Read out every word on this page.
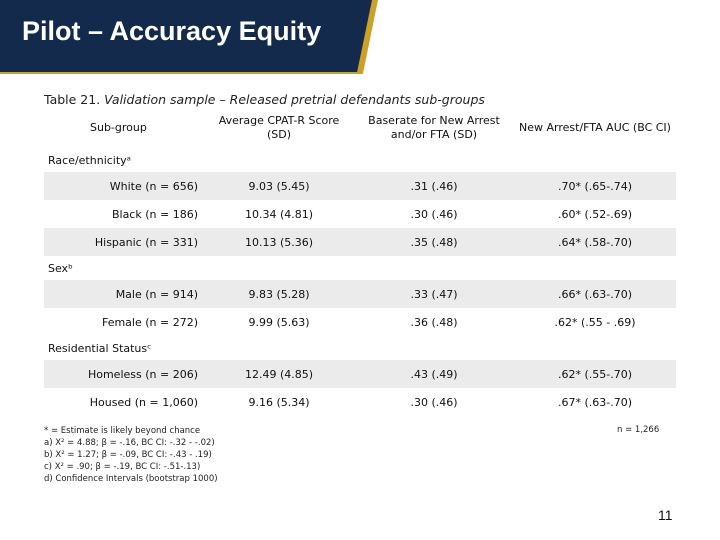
Pilot – Accuracy Equity
Table 21. Validation sample – Released pretrial defendants sub-groups
Sub-group	Average CPAT-R Score (SD)	Baserate for New Arrest and/or FTA (SD)	New Arrest/FTA AUC (BC CI)
Race/ethnicityᵃ			
White (n = 656)	9.03 (5.45)	.31 (.46)	.70* (.65-.74)
Black (n = 186)	10.34 (4.81)	.30 (.46)	.60* (.52-.69)
Hispanic (n = 331)	10.13 (5.36)	.35 (.48)	.64* (.58-.70)
Sexᵇ			
Male (n = 914)	9.83 (5.28)	.33 (.47)	.66* (.63-.70)
Female (n = 272)	9.99 (5.63)	.36 (.48)	.62* (.55 - .69)
Residential Statusᶜ			
Homeless (n = 206)	12.49 (4.85)	.43 (.49)	.62* (.55-.70)
Housed (n = 1,060)	9.16 (5.34)	.30 (.46)	.67* (.63-.70)
* = Estimate is likely beyond chance
a) Χ² = 4.88; β = -.16, BC CI: -.32 - -.02)
b) Χ² = 1.27; β = -.09, BC CI: -.43 - .19)
c) Χ² = .90; β = -.19, BC CI: -.51-.13)
d) Confidence Intervals (bootstrap 1000)
n = 1,266
11
